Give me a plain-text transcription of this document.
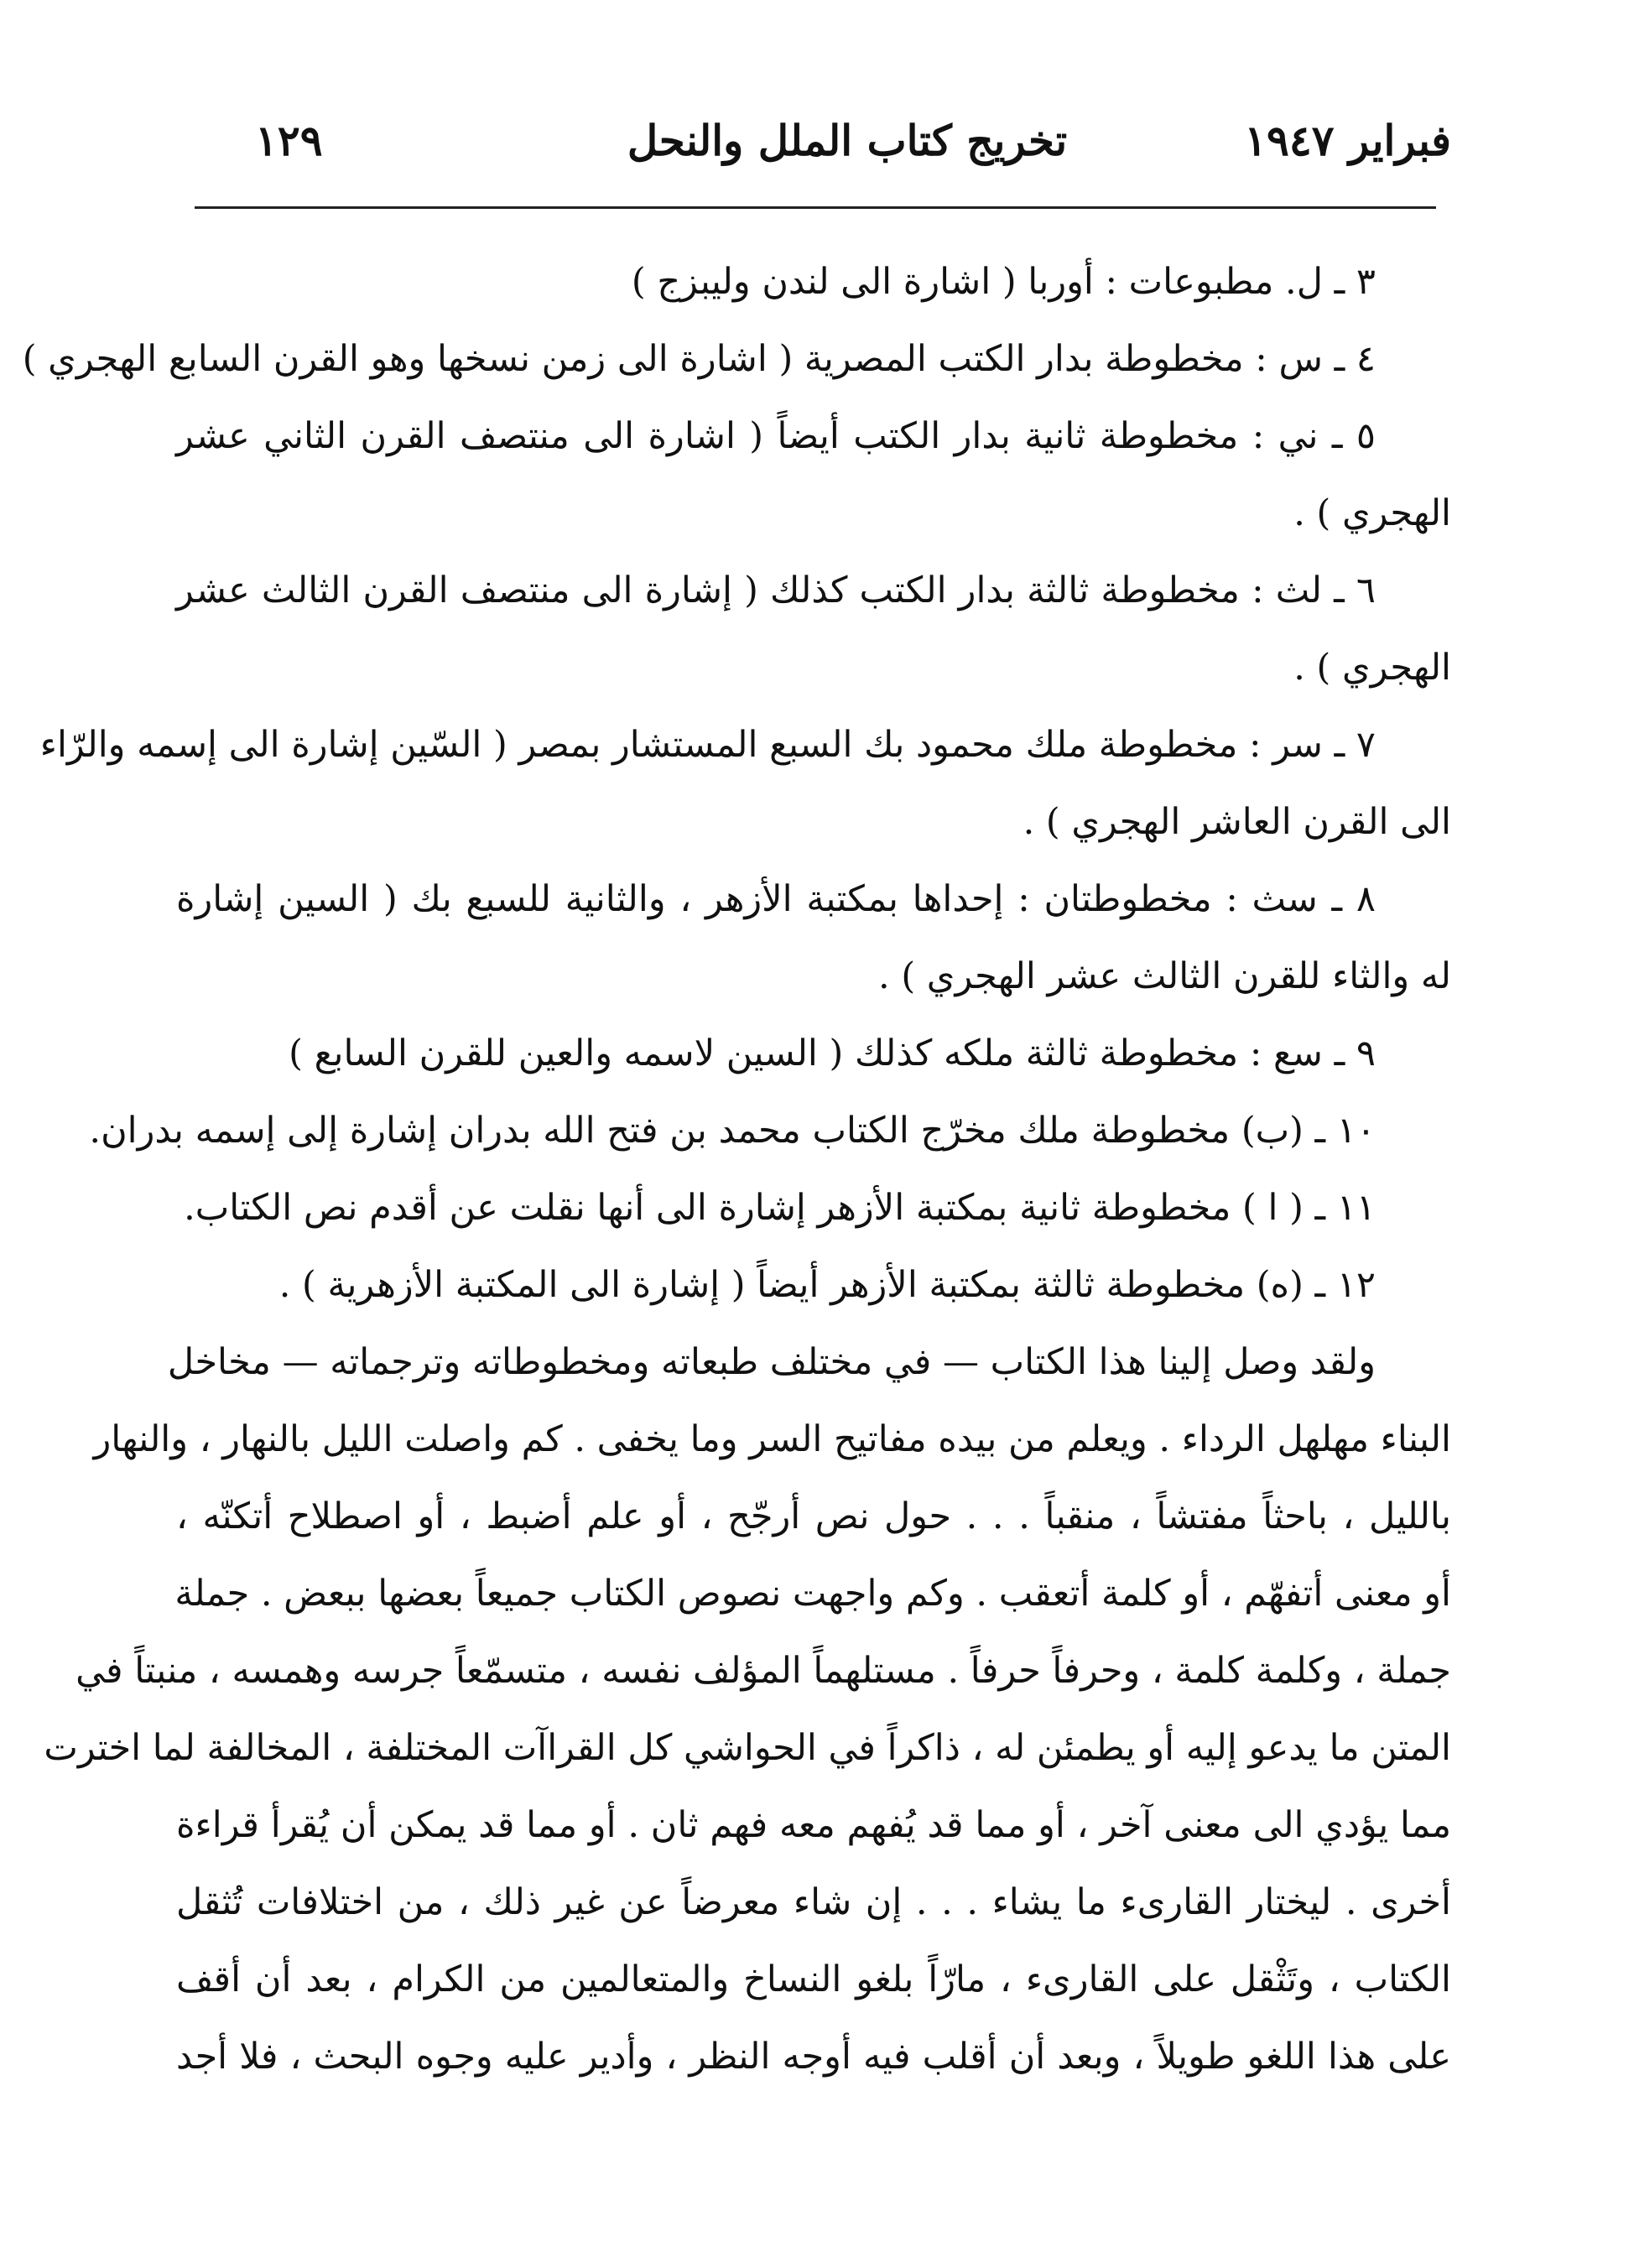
١٢٩	تخريج كتاب الملل والنحل	فبراير ١٩٤٧
٣ ـ ل. مطبوعات : أوربا ( اشارة الى لندن وليبزج )
٤ ـ س : مخطوطة بدار الكتب المصرية ( اشارة الى زمن نسخها وهو القرن السابع الهجري )
٥ ـ ني : مخطوطة ثانية بدار الكتب أيضاً ( اشارة الى منتصف القرن الثاني عشر
الهجري ) .
٦ ـ لث : مخطوطة ثالثة بدار الكتب كذلك ( إشارة الى منتصف القرن الثالث عشر
الهجري ) .
٧ ـ سر : مخطوطة ملك محمود بك السبع المستشار بمصر ( السّين إشارة الى إسمه والرّاء
الى القرن العاشر الهجري ) .
٨ ـ سث : مخطوطتان : إحداها بمكتبة الأزهر ، والثانية للسبع بك ( السين إشارة
له والثاء للقرن الثالث عشر الهجري ) .
٩ ـ سع : مخطوطة ثالثة ملكه كذلك ( السين لاسمه والعين للقرن السابع )
١٠ ـ (ب) مخطوطة ملك مخرّج الكتاب محمد بن فتح الله بدران إشارة إلى إسمه بدران.
١١ ـ ( ا ) مخطوطة ثانية بمكتبة الأزهر إشارة الى أنها نقلت عن أقدم نص الكتاب.
١٢ ـ (ه) مخطوطة ثالثة بمكتبة الأزهر أيضاً ( إشارة الى المكتبة الأزهرية ) .
ولقد وصل إلينا هذا الكتاب — في مختلف طبعاته ومخطوطاته وترجماته — مخاخل
البناء مهلهل الرداء . ويعلم من بيده مفاتيح السر وما يخفى . كم واصلت الليل بالنهار ، والنهار
بالليل ، باحثاً مفتشاً ، منقباً . . . حول نص أرجّح ، أو علم أضبط ، أو اصطلاح أتكنّه ،
أو معنى أتفهّم ، أو كلمة أتعقب . وكم واجهت نصوص الكتاب جميعاً بعضها ببعض . جملة
جملة ، وكلمة كلمة ، وحرفاً حرفاً . مستلهماً المؤلف نفسه ، متسمّعاً جرسه وهمسه ، منبتاً في
المتن ما يدعو إليه أو يطمئن له ، ذاكراً في الحواشي كل القراآت المختلفة ، المخالفة لما اخترت
مما يؤدي الى معنى آخر ، أو مما قد يُفهم معه فهم ثان . أو مما قد يمكن أن يُقرأ قراءة
أخرى . ليختار القارىء ما يشاء . . . إن شاء معرضاً عن غير ذلك ، من اختلافات تُثقل
الكتاب ، وتَثْقل على القارىء ، مارّاً بلغو النساخ والمتعالمين من الكرام ، بعد أن أقف
على هذا اللغو طويلاً ، وبعد أن أقلب فيه أوجه النظر ، وأدير عليه وجوه البحث ، فلا أجد
